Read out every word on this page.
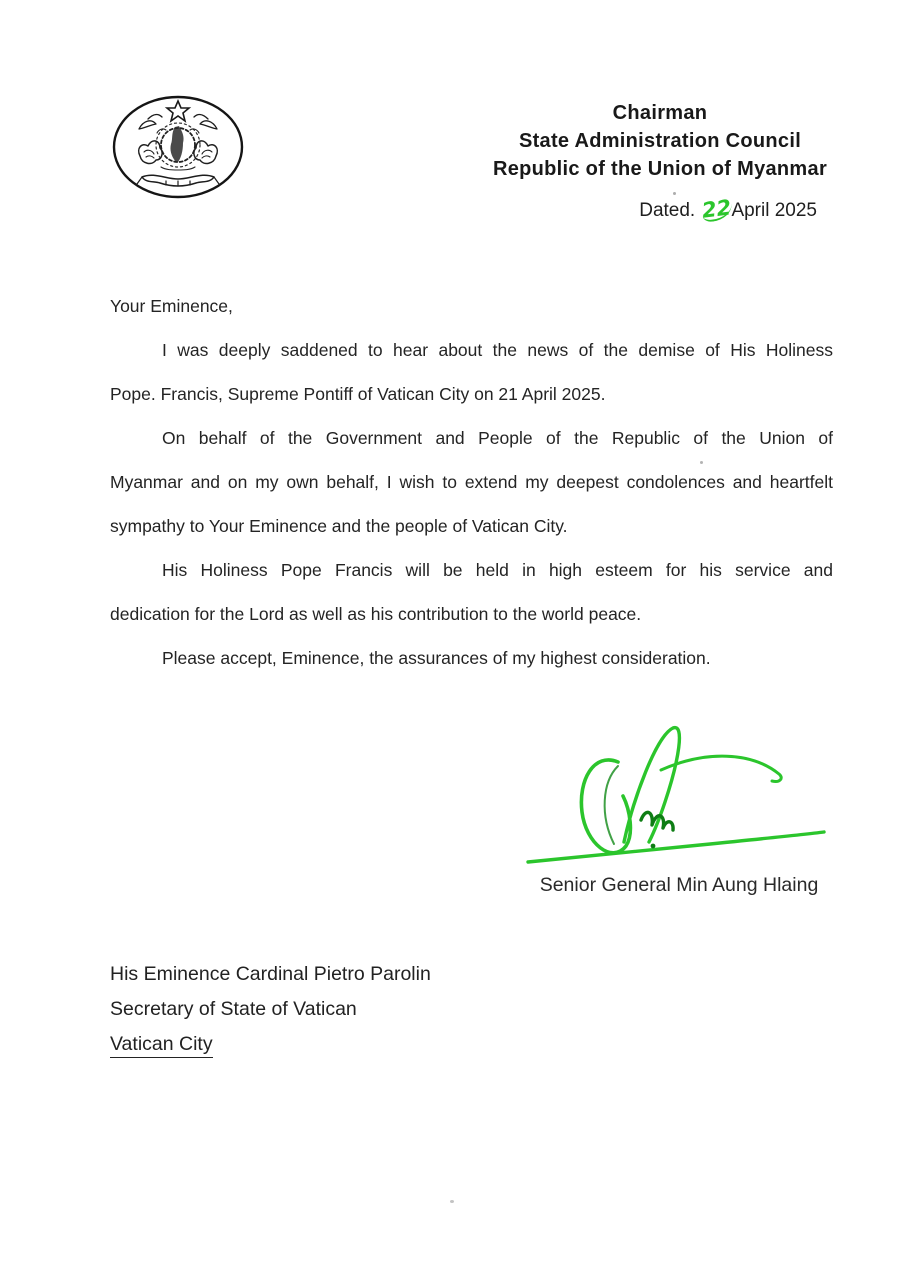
Chairman
State Administration Council
Republic of the Union of Myanmar
Dated. 22
April 2025
Your Eminence,
I was deeply saddened to hear about the news of the demise of His Holiness
Pope. Francis, Supreme Pontiff of Vatican City on 21 April 2025.
On behalf of the Government and People of the Republic of the Union of
Myanmar and on my own behalf, I wish to extend my deepest condolences and heartfelt
sympathy to Your Eminence and the people of Vatican City.
His Holiness Pope Francis will be held in high esteem for his service and
dedication for the Lord as well as his contribution to the world peace.
Please accept, Eminence, the assurances of my highest consideration.
Senior General Min Aung Hlaing
His Eminence Cardinal Pietro Parolin
Secretary of State of Vatican
Vatican City
